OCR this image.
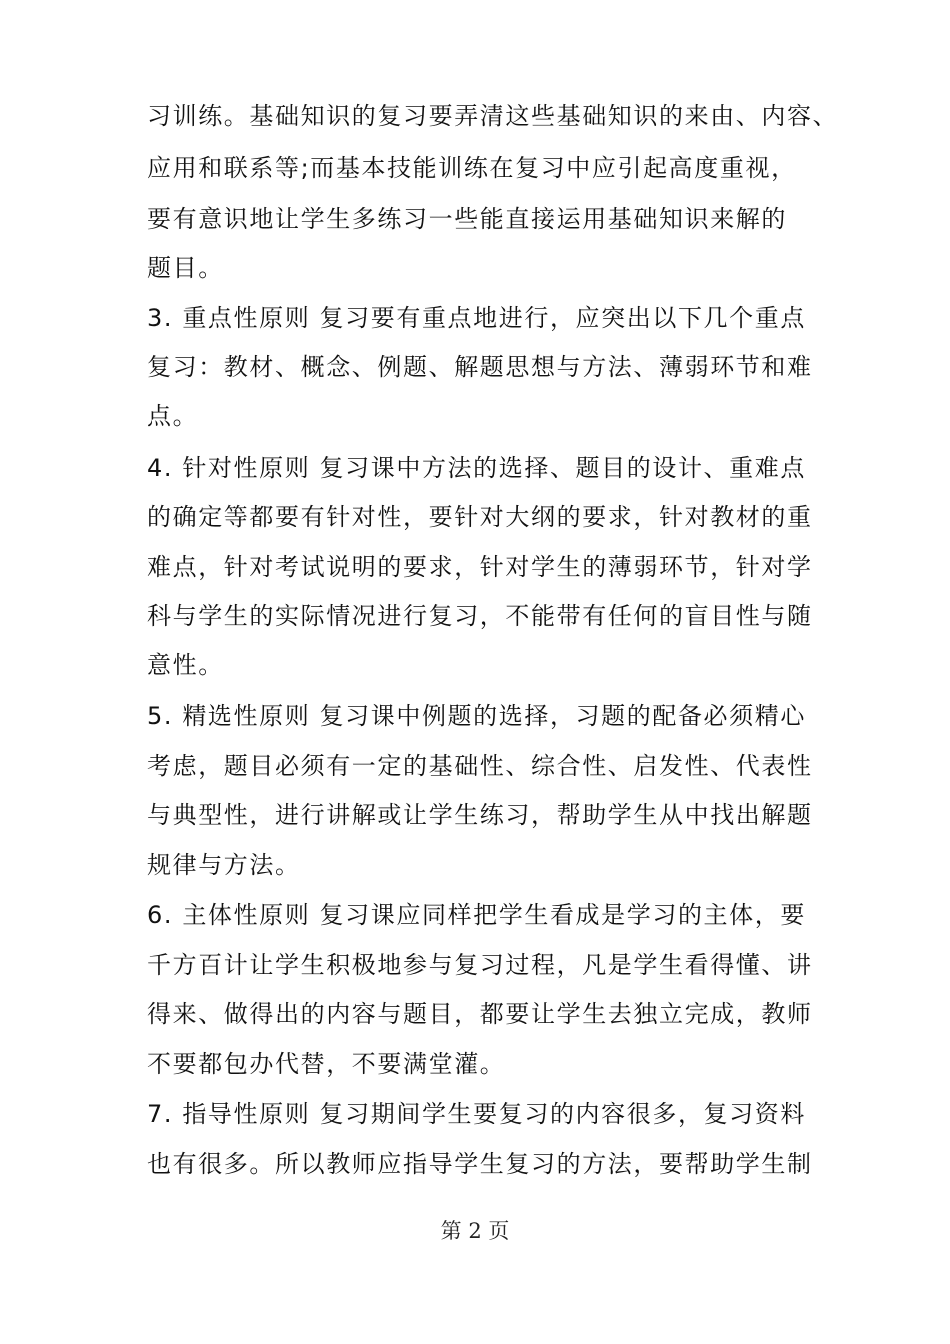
习训练。基础知识的复习要弄清这些基础知识的来由、内容、
应用和联系等;而基本技能训练在复习中应引起高度重视，
要有意识地让学生多练习一些能直接运用基础知识来解的
题目。
3. 重点性原则 复习要有重点地进行，应突出以下几个重点
复习：教材、概念、例题、解题思想与方法、薄弱环节和难
点。
4. 针对性原则 复习课中方法的选择、题目的设计、重难点
的确定等都要有针对性，要针对大纲的要求，针对教材的重
难点，针对考试说明的要求，针对学生的薄弱环节，针对学
科与学生的实际情况进行复习，不能带有任何的盲目性与随
意性。
5. 精选性原则 复习课中例题的选择，习题的配备必须精心
考虑，题目必须有一定的基础性、综合性、启发性、代表性
与典型性，进行讲解或让学生练习，帮助学生从中找出解题
规律与方法。
6. 主体性原则 复习课应同样把学生看成是学习的主体，要
千方百计让学生积极地参与复习过程，凡是学生看得懂、讲
得来、做得出的内容与题目，都要让学生去独立完成，教师
不要都包办代替，不要满堂灌。
7. 指导性原则 复习期间学生要复习的内容很多，复习资料
也有很多。所以教师应指导学生复习的方法，要帮助学生制
第 2 页
